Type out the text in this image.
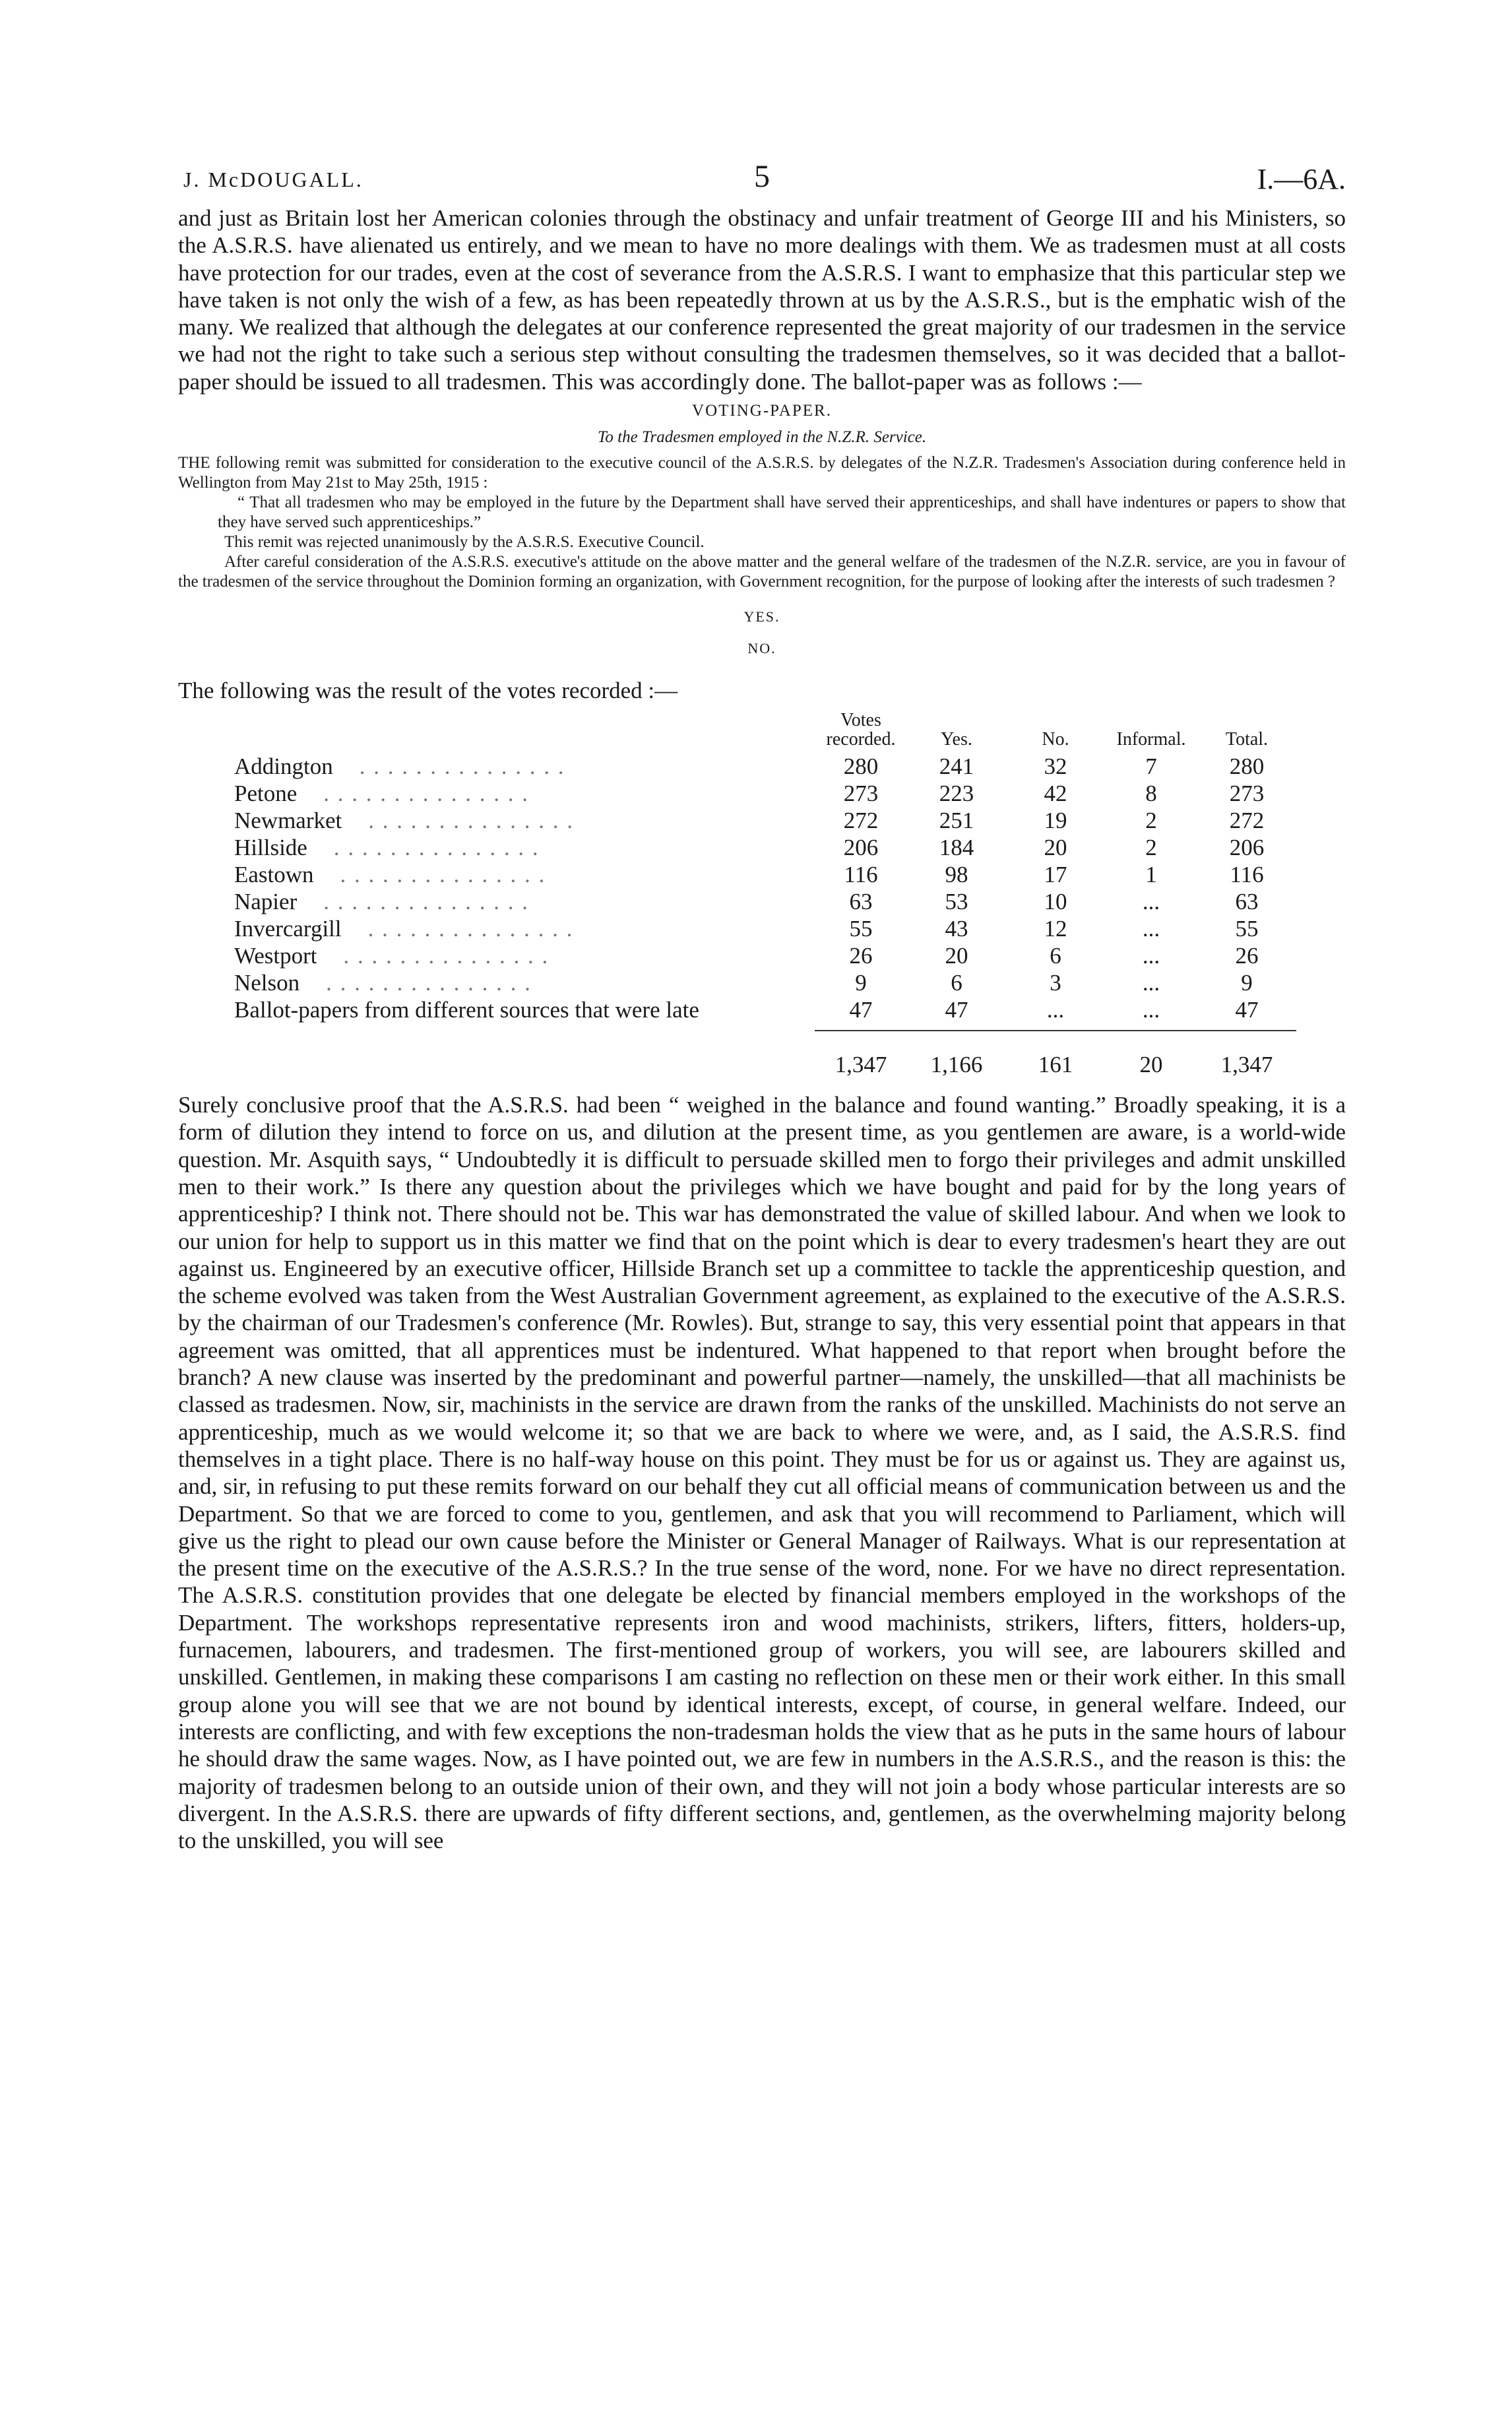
J. McDOUGALL.	5	I.—6A.

and just as Britain lost her American colonies through the obstinacy and unfair treatment of George III and his Ministers, so the A.S.R.S. have alienated us entirely, and we mean to have no more dealings with them. We as tradesmen must at all costs have protection for our trades, even at the cost of severance from the A.S.R.S. I want to emphasize that this particular step we have taken is not only the wish of a few, as has been repeatedly thrown at us by the A.S.R.S., but is the emphatic wish of the many. We realized that although the delegates at our conference represented the great majority of our tradesmen in the service we had not the right to take such a serious step without consulting the tradesmen themselves, so it was decided that a ballot-paper should be issued to all tradesmen. This was accordingly done. The ballot-paper was as follows :—

VOTING-PAPER.
To the Tradesmen employed in the N.Z.R. Service.

THE following remit was submitted for consideration to the executive council of the A.S.R.S. by delegates of the N.Z.R. Tradesmen's Association during conference held in Wellington from May 21st to May 25th, 1915 :

“ That all tradesmen who may be employed in the future by the Department shall have served their apprenticeships, and shall have indentures or papers to show that they have served such apprenticeships.”

This remit was rejected unanimously by the A.S.R.S. Executive Council.

After careful consideration of the A.S.R.S. executive's attitude on the above matter and the general welfare of the tradesmen of the N.Z.R. service, are you in favour of the tradesmen of the service throughout the Dominion forming an organization, with Government recognition, for the purpose of looking after the interests of such tradesmen ?

YES.
NO.
The following was the result of the votes recorded :—
	Votes recorded.	Yes.	No.	Informal.	Total.
Addington . . . . . . . . . . . . . . .	280	241	32	7	280
Petone . . . . . . . . . . . . . . .	273	223	42	8	273
Newmarket . . . . . . . . . . . . . . .	272	251	19	2	272
Hillside . . . . . . . . . . . . . . .	206	184	20	2	206
Eastown . . . . . . . . . . . . . . .	116	98	17	1	116
Napier . . . . . . . . . . . . . . .	63	53	10	...	63
Invercargill . . . . . . . . . . . . . . .	55	43	12	...	55
Westport . . . . . . . . . . . . . . .	26	20	6	...	26
Nelson . . . . . . . . . . . . . . .	9	6	3	...	9
Ballot-papers from different sources that were late	47	47	...	...	47

	1,347	1,166	161	20	1,347

Surely conclusive proof that the A.S.R.S. had been “ weighed in the balance and found wanting.” Broadly speaking, it is a form of dilution they intend to force on us, and dilution at the present time, as you gentlemen are aware, is a world-wide question. Mr. Asquith says, “ Undoubtedly it is difficult to persuade skilled men to forgo their privileges and admit unskilled men to their work.” Is there any question about the privileges which we have bought and paid for by the long years of apprenticeship? I think not. There should not be. This war has demonstrated the value of skilled labour. And when we look to our union for help to support us in this matter we find that on the point which is dear to every tradesmen's heart they are out against us. Engineered by an executive officer, Hillside Branch set up a committee to tackle the apprenticeship question, and the scheme evolved was taken from the West Australian Government agreement, as explained to the executive of the A.S.R.S. by the chairman of our Tradesmen's conference (Mr. Rowles). But, strange to say, this very essential point that appears in that agreement was omitted, that all apprentices must be indentured. What happened to that report when brought before the branch? A new clause was inserted by the predominant and powerful partner—namely, the unskilled—that all machinists be classed as tradesmen. Now, sir, machinists in the service are drawn from the ranks of the unskilled. Machinists do not serve an apprenticeship, much as we would welcome it; so that we are back to where we were, and, as I said, the A.S.R.S. find themselves in a tight place. There is no half-way house on this point. They must be for us or against us. They are against us, and, sir, in refusing to put these remits forward on our behalf they cut all official means of communication between us and the Department. So that we are forced to come to you, gentlemen, and ask that you will recommend to Parliament, which will give us the right to plead our own cause before the Minister or General Manager of Railways. What is our representation at the present time on the executive of the A.S.R.S.? In the true sense of the word, none. For we have no direct representation. The A.S.R.S. constitution provides that one delegate be elected by financial members employed in the workshops of the Department. The workshops representative represents iron and wood machinists, strikers, lifters, fitters, holders-up, furnacemen, labourers, and tradesmen. The first-mentioned group of workers, you will see, are labourers skilled and unskilled. Gentlemen, in making these comparisons I am casting no reflection on these men or their work either. In this small group alone you will see that we are not bound by identical interests, except, of course, in general welfare. Indeed, our interests are conflicting, and with few exceptions the non-tradesman holds the view that as he puts in the same hours of labour he should draw the same wages. Now, as I have pointed out, we are few in numbers in the A.S.R.S., and the reason is this: the majority of tradesmen belong to an outside union of their own, and they will not join a body whose particular interests are so divergent. In the A.S.R.S. there are upwards of fifty different sections, and, gentlemen, as the overwhelming majority belong to the unskilled, you will see
